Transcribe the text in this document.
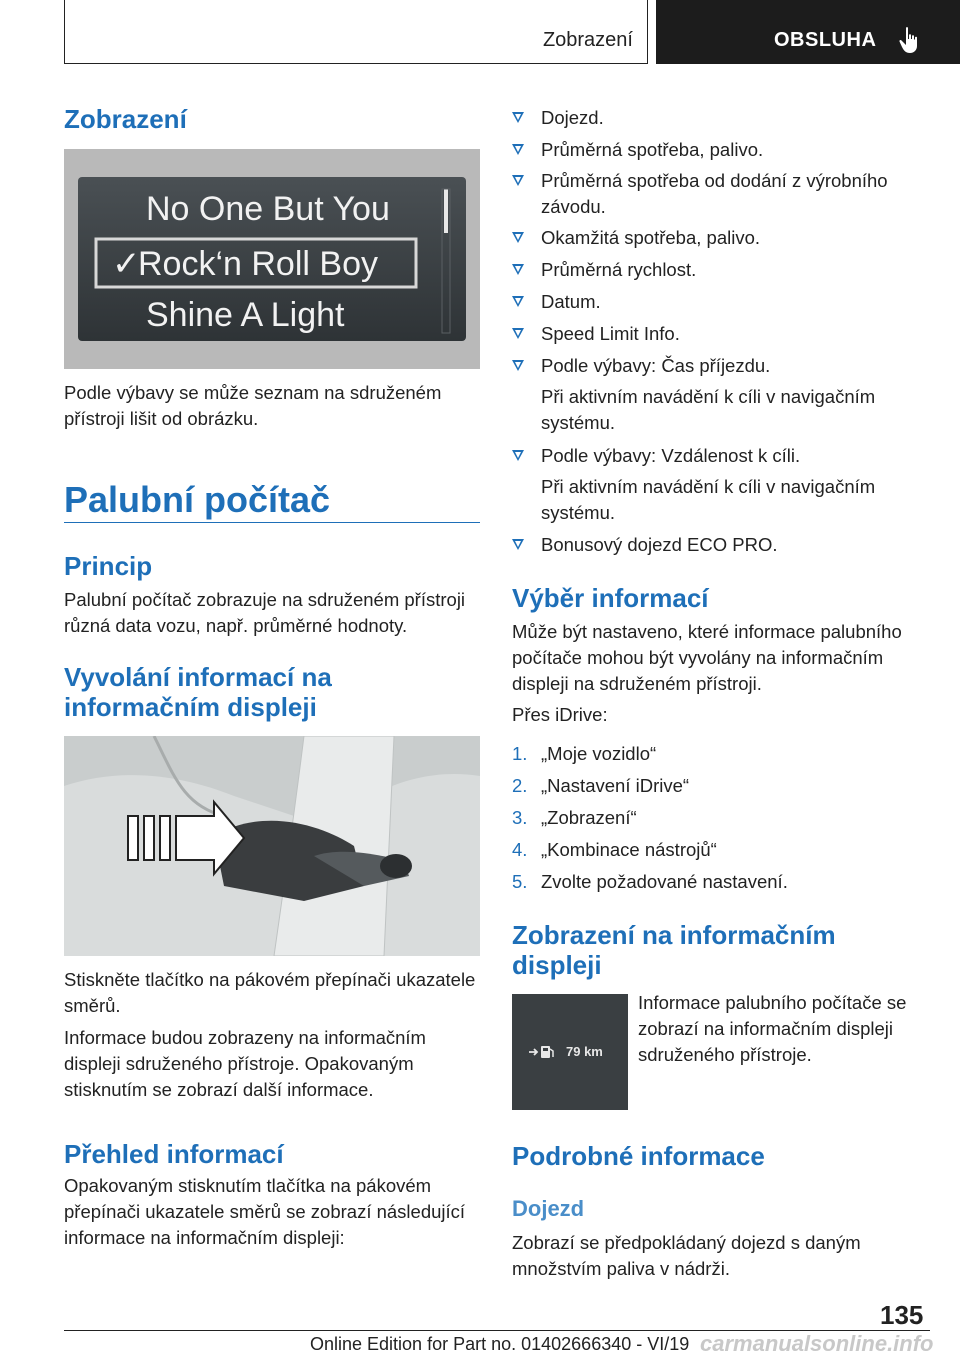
Zobrazení	OBSLUHA
Zobrazení
No One But You
✓Rock‘n Roll Boy
Shine A Light

Podle výbavy se může seznam na sdruženém přístroji lišit od obrázku.

Palubní počítač
Princip

Palubní počítač zobrazuje na sdruženém přístroji různá data vozu, např. průměrné hodnoty.

Vyvolání informací na informačním displeji

Stiskněte tlačítko na pákovém přepínači ukazatele směrů.

Informace budou zobrazeny na informačním displeji sdruženého přístroje. Opakovaným stisknutím se zobrazí další informace.

Přehled informací

Opakovaným stisknutím tlačítka na pákovém přepínači ukazatele směrů se zobrazí následující informace na informačním displeji:

Dojezd.
Průměrná spotřeba, palivo.
Průměrná spotřeba od dodání z výrobního závodu.
Okamžitá spotřeba, palivo.
Průměrná rychlost.
Datum.
Speed Limit Info.
Podle výbavy: Čas příjezdu.
Při aktivním navádění k cíli v navigačním systému.
Podle výbavy: Vzdálenost k cíli.
Při aktivním navádění k cíli v navigačním systému.
Bonusový dojezd ECO PRO.
Výběr informací

Může být nastaveno, které informace palubního počítače mohou být vyvolány na informačním displeji na sdruženém přístroji.

Přes iDrive:

1. „Moje vozidlo“
2. „Nastavení iDrive“
3. „Zobrazení“
4. „Kombinace nástrojů“
5. Zvolte požadované nastavení.
Zobrazení na informačním displeji
79 km

Informace palubního počítače se zobrazí na informačním displeji sdruženého přístroje.

Podrobné informace
Dojezd

Zobrazí se předpokládaný dojezd s daným množstvím paliva v nádrži.

135
Online Edition for Part no. 01402666340 - VI/19 carmanualsonline.info
